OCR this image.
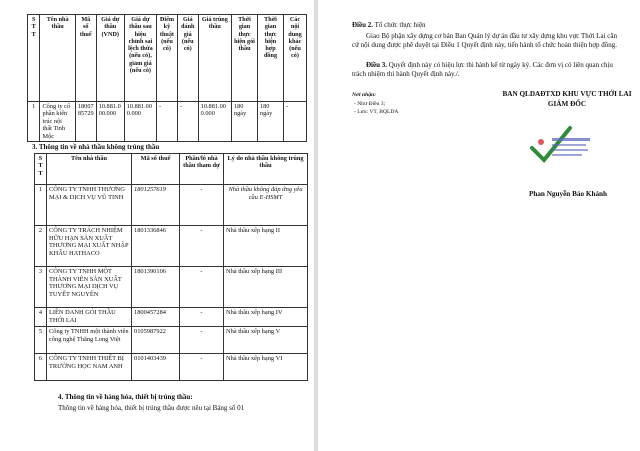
S T T	Tên nhà thầu	Mã số thuế	Giá dự thầu (VND)	Giá dự thầu sau hiệu chỉnh sai lệch thừa (nếu có), giảm giá (nếu có)	Điểm kỹ thuật (nếu có)	Giá đánh giá (nếu có)	Giá trúng thầu	Thời gian thực hiện gói thầu	Thời gian thực hiện hợp đồng	Các nội dung khác (nếu có)
1	Công ty cổ phần kiến trúc nội thất Tinh Mộc	1800785729	10.881.000.000	10.881.000.000	-	-	10.881.000.000	180 ngày	180 ngày	-
3. Thông tin về nhà thầu không trúng thầu
S T T	Tên nhà thầu	Mã số thuế	Phần/lô nhà thầu tham dự	Lý do nhà thầu không trúng thầu
1	CÔNG TY TNHH THƯƠNG MẠI & DỊCH VỤ VŨ TINH	1801257619	-	Nhà thầu không đáp ứng yêu cầu E-HSMT
2	CÔNG TY TRÁCH NHIỆM HỮU HẠN SẢN XUẤT THƯƠNG MẠI XUẤT NHẬP KHẨU HATHACO	1801336846	-	Nhà thầu xếp hạng II
3	CÔNG TY TNHH MỘT THÀNH VIÊN SẢN XUẤT THƯƠNG MẠI DỊCH VỤ TUYẾT NGUYÊN	1801390106	-	Nhà thầu xếp hạng III
4	LIÊN DANH GÓI THẦU THỚI LAI	1800457284	-	Nhà thầu xếp hạng IV
5	Công ty TNHH một thành viên công nghệ Thăng Long Việt	0105987922	-	Nhà thầu xếp hạng V
6	CÔNG TY TNHH THIẾT BỊ TRƯỜNG HỌC NAM ANH	0101403439	-	Nhà thầu xếp hạng VI
4. Thông tin về hàng hóa, thiết bị trúng thầu:
Thông tin về hàng hóa, thiết bị trúng thầu được nêu tại Bảng số 01
Điều 2. Tổ chức thực hiện
Giao Bộ phận xây dựng cơ bản Ban Quản lý dự án đầu tư xây dựng khu vực Thới Lai căn cứ nội dung được phê duyệt tại Điều 1 Quyết định này, tiến hành tổ chức hoàn thiện hợp đồng.
Điều 3. Quyết định này có hiệu lực thi hành kể từ ngày ký. Các đơn vị có liên quan chịu trách nhiệm thi hành Quyết định này./.
Nơi nhận:
- Như Điều 3;
- Lưu: VT, BQLDA
BAN QLDAĐTXD KHU VỰC THỚI LAI
GIÁM ĐỐC
Phan Nguyễn Bảo Khánh
